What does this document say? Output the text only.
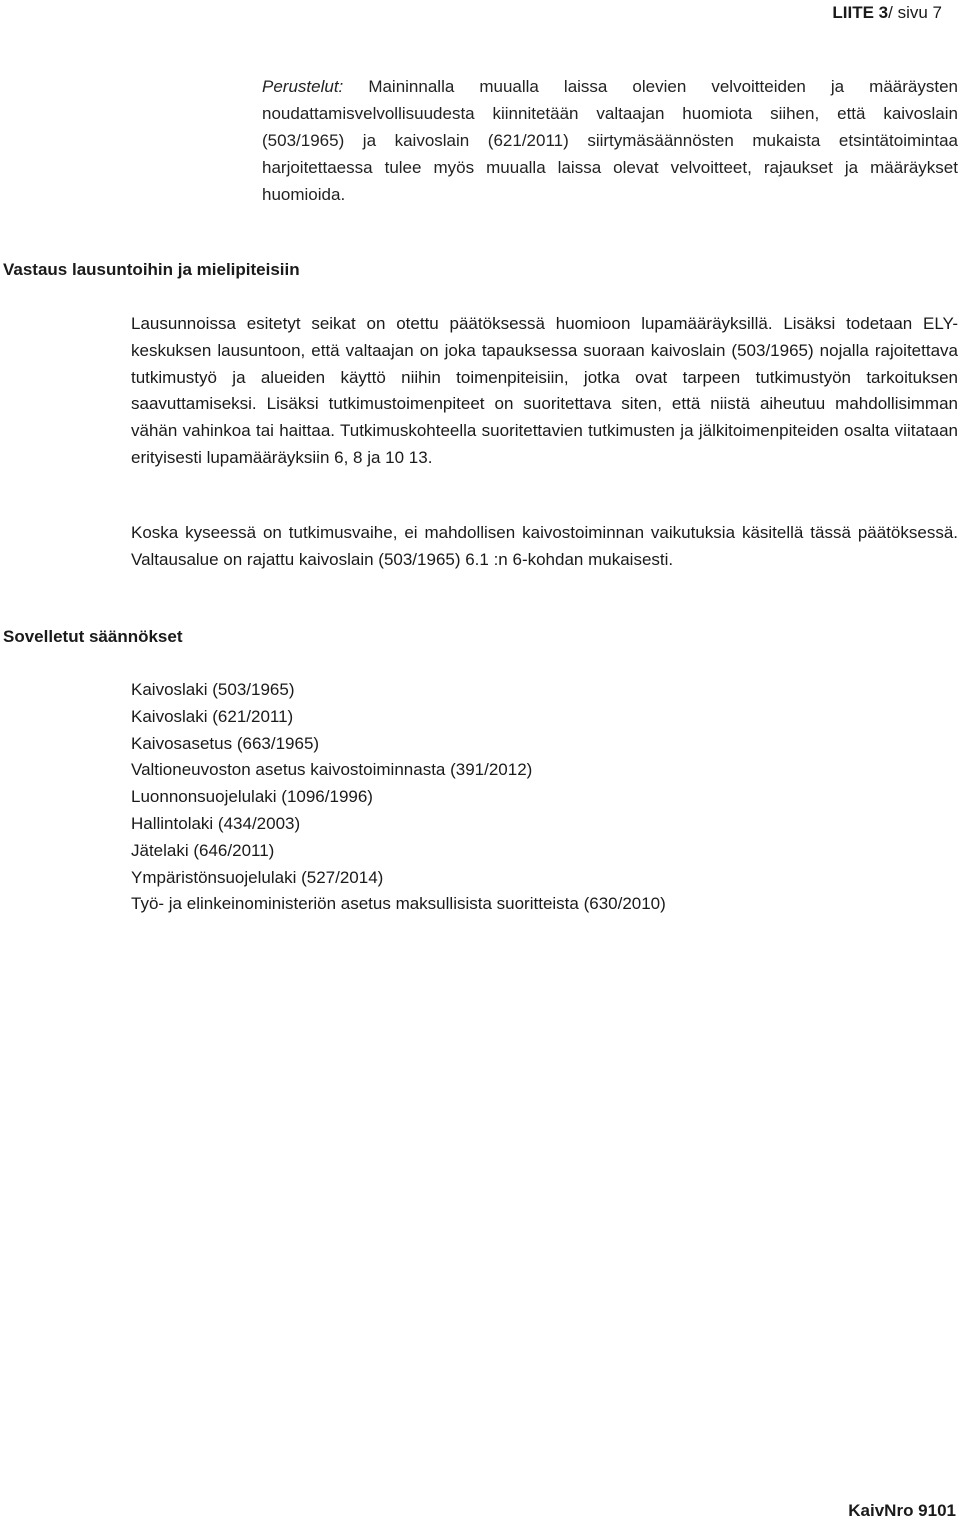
LIITE 3/ sivu 7

Perustelut: Maininnalla muualla laissa olevien velvoitteiden ja määräysten noudattamisvelvollisuudesta kiinnitetään valtaajan huomiota siihen, että kaivoslain (503/1965) ja kaivoslain (621/2011) siirtymäsäännösten mukaista etsintätoimintaa harjoitettaessa tulee myös muualla laissa olevat velvoitteet, rajaukset ja määräykset huomioida.

Vastaus lausuntoihin ja mielipiteisiin

Lausunnoissa esitetyt seikat on otettu päätöksessä huomioon lupamääräyksillä. Lisäksi todetaan ELY-keskuksen lausuntoon, että valtaajan on joka tapauksessa suoraan kaivoslain (503/1965) nojalla rajoitettava tutkimustyö ja alueiden käyttö niihin toimenpiteisiin, jotka ovat tarpeen tutkimustyön tarkoituksen saavuttamiseksi. Lisäksi tutkimustoimenpiteet on suoritettava siten, että niistä aiheutuu mahdollisimman vähän vahinkoa tai haittaa. Tutkimuskohteella suoritettavien tutkimusten ja jälkitoimenpiteiden osalta viitataan erityisesti lupamääräyksiin 6, 8 ja 10 13.

Koska kyseessä on tutkimusvaihe, ei mahdollisen kaivostoiminnan vaikutuksia käsitellä tässä päätöksessä. Valtausalue on rajattu kaivoslain (503/1965) 6.1 :n 6-kohdan mukaisesti.

Sovelletut säännökset
Kaivoslaki (503/1965)
Kaivoslaki (621/2011)
Kaivosasetus (663/1965)
Valtioneuvoston asetus kaivostoiminnasta (391/2012)
Luonnonsuojelulaki (1096/1996)
Hallintolaki (434/2003)
Jätelaki (646/2011)
Ympäristönsuojelulaki (527/2014)
Työ- ja elinkeinoministeriön asetus maksullisista suoritteista (630/2010)
KaivNro 9101
